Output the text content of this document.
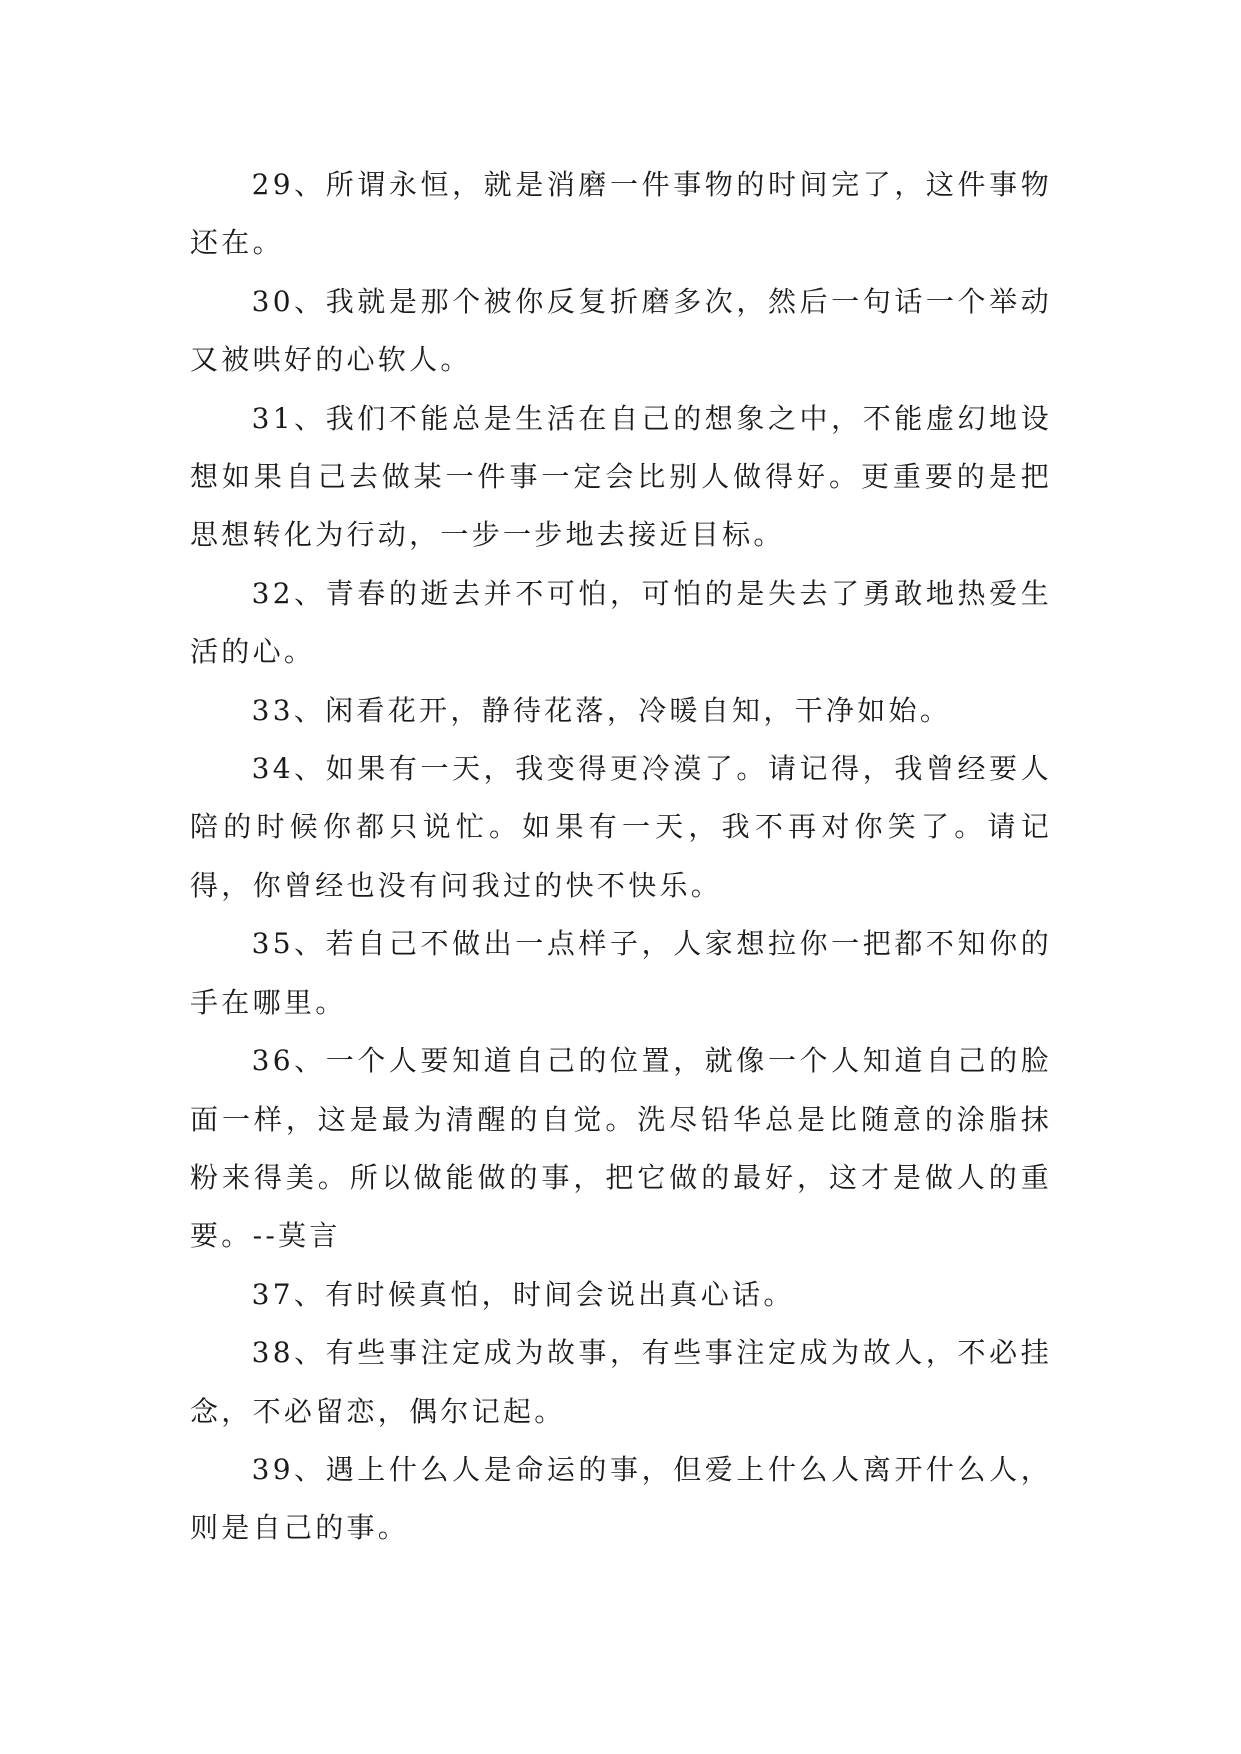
29、所谓永恒，就是消磨一件事物的时间完了，这件事物还在。

30、我就是那个被你反复折磨多次，然后一句话一个举动又被哄好的心软人。

31、我们不能总是生活在自己的想象之中，不能虚幻地设想如果自己去做某一件事一定会比别人做得好。更重要的是把思想转化为行动，一步一步地去接近目标。

32、青春的逝去并不可怕，可怕的是失去了勇敢地热爱生活的心。

33、闲看花开，静待花落，冷暖自知，干净如始。

34、如果有一天，我变得更冷漠了。请记得，我曾经要人陪的时候你都只说忙。如果有一天，我不再对你笑了。请记得，你曾经也没有问我过的快不快乐。

35、若自己不做出一点样子，人家想拉你一把都不知你的手在哪里。

36、一个人要知道自己的位置，就像一个人知道自己的脸面一样，这是最为清醒的自觉。洗尽铅华总是比随意的涂脂抹粉来得美。所以做能做的事，把它做的最好，这才是做人的重要。--莫言

37、有时候真怕，时间会说出真心话。

38、有些事注定成为故事，有些事注定成为故人，不必挂念，不必留恋，偶尔记起。

39、遇上什么人是命运的事，但爱上什么人离开什么人，则是自己的事。
